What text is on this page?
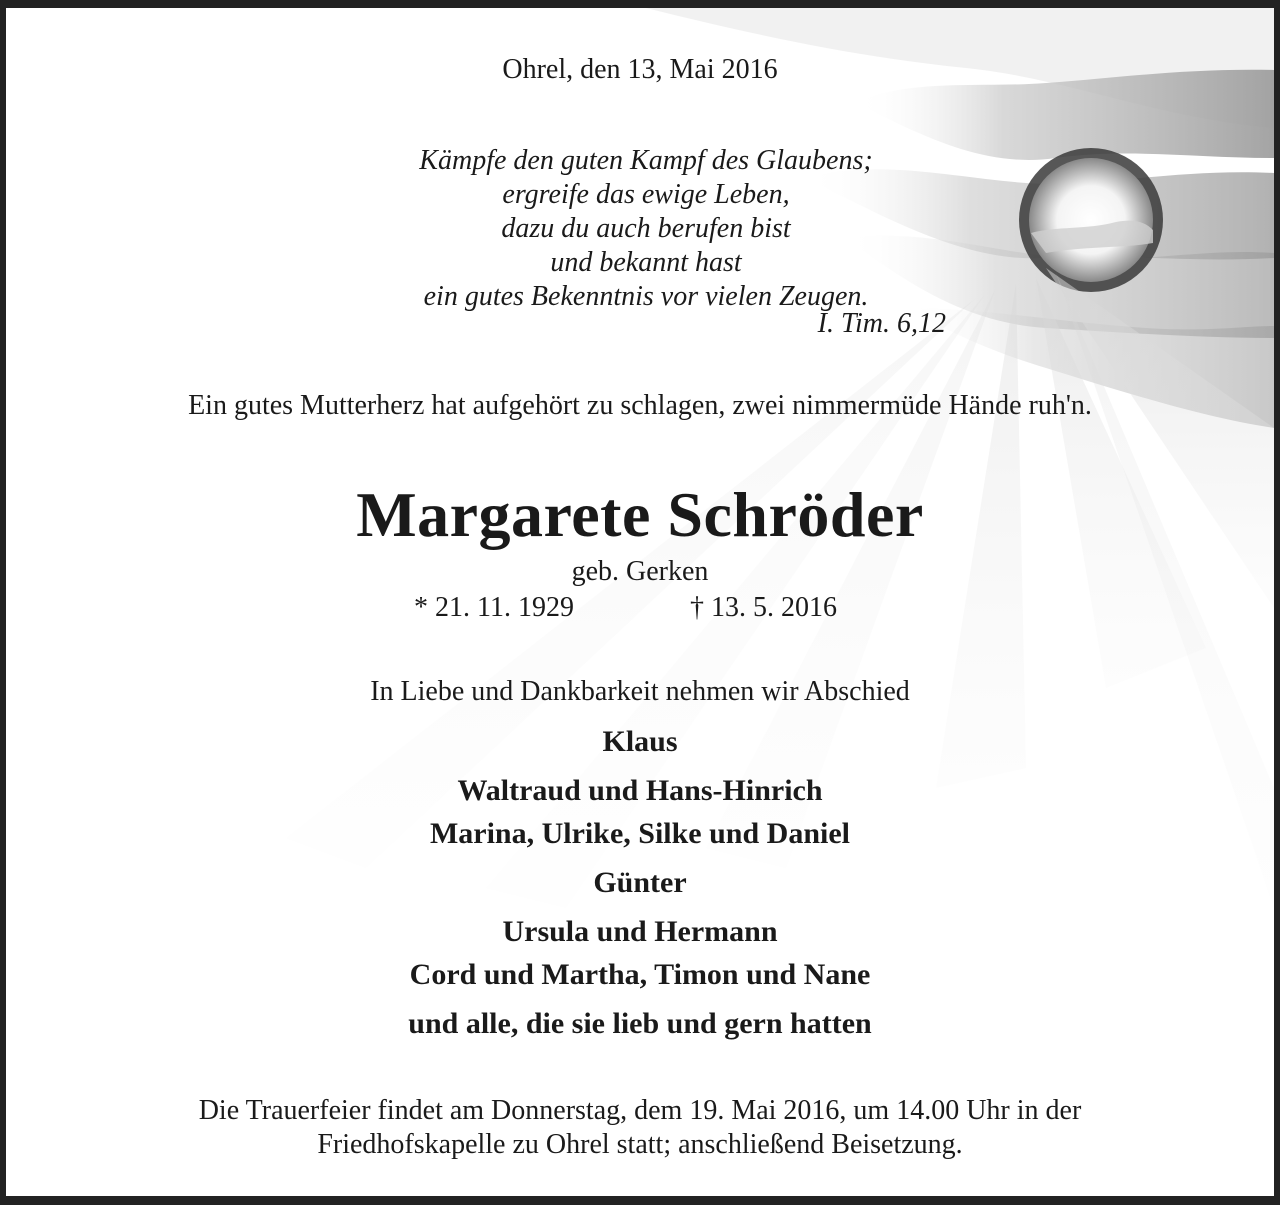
Ohrel, den 13, Mai 2016
Kämpfe den guten Kampf des Glaubens;
ergreife das ewige Leben,
dazu du auch berufen bist
und bekannt hast
ein gutes Bekenntnis vor vielen Zeugen.
I. Tim. 6,12
Ein gutes Mutterherz hat aufgehört zu schlagen, zwei nimmermüde Hände ruh'n.
Margarete Schröder
geb. Gerken
* 21. 11. 1929	† 13. 5. 2016
In Liebe und Dankbarkeit nehmen wir Abschied
Klaus
Waltraud und Hans-Hinrich
Marina, Ulrike, Silke und Daniel
Günter
Ursula und Hermann
Cord und Martha, Timon und Nane
und alle, die sie lieb und gern hatten
Die Trauerfeier findet am Donnerstag, dem 19. Mai 2016, um 14.00 Uhr in der
Friedhofskapelle zu Ohrel statt; anschließend Beisetzung.
